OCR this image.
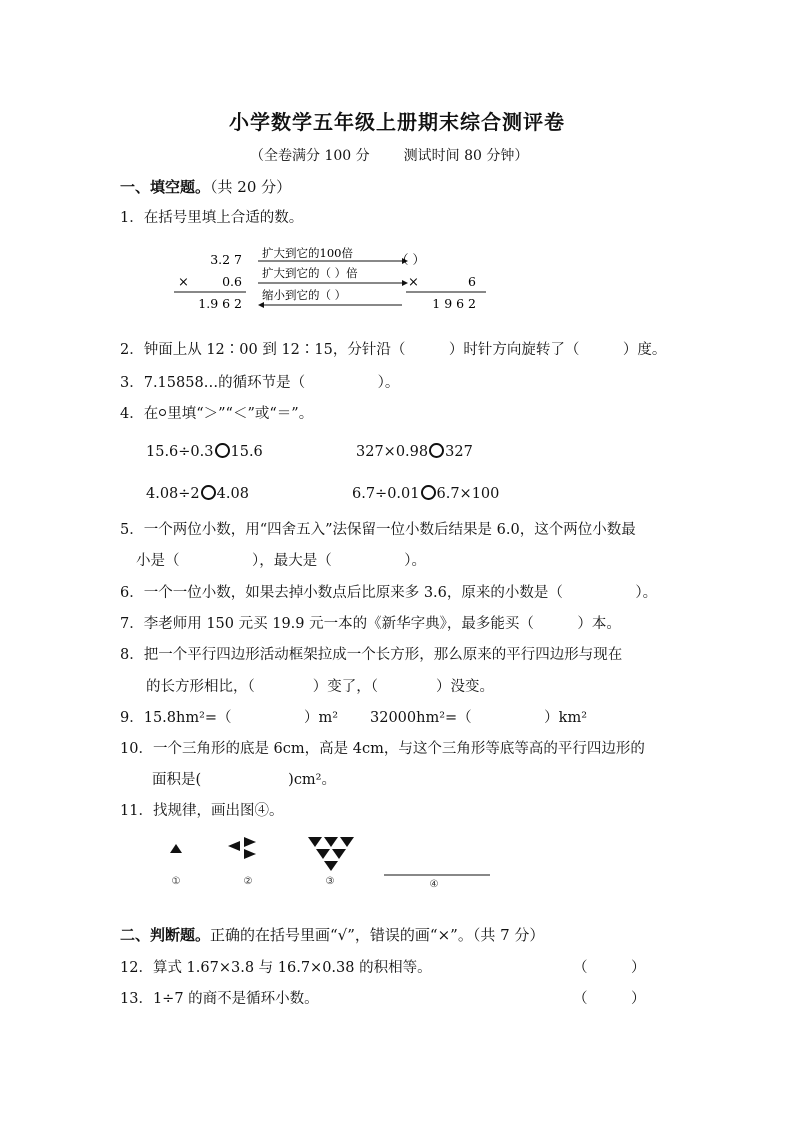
小学数学五年级上册期末综合测评卷
（全卷满分 100 分 测试时间 80 分钟）
一、填空题。（共 20 分）
1．在括号里填上合适的数。
3.2 7
×	0.6
1.9 6 2
扩大到它的100倍
扩大到它的（ ）倍
缩小到它的（ ）
（ ）
×	6
1 9 6 2
2．钟面上从 12∶00 到 12∶15，分针沿（　　　）时针方向旋转了（　　　）度。
3．7.15858…的循环节是（　　　　　）。
4．在 里填“＞”“＜”或“＝”。
15.6÷0.3 15.6	327×0.98 327
4.08÷2 4.08	6.7÷0.01 6.7×100
5．一个两位小数，用“四舍五入”法保留一位小数后结果是 6.0，这个两位小数最
小是（　　　　　），最大是（　　　　　）。
6．一个一位小数，如果去掉小数点后比原来多 3.6，原来的小数是（　　　　　）。
7．李老师用 150 元买 19.9 元一本的《新华字典》，最多能买（　　　）本。
8．把一个平行四边形活动框架拉成一个长方形，那么原来的平行四边形与现在
的长方形相比，（　　　　）变了，（　　　　）没变。
9．15.8hm²=（　　　　　）m² 32000hm²=（　　　　　）km²
10．一个三角形的底是 6cm，高是 4cm，与这个三角形等底等高的平行四边形的
面积是(　　　　　　)cm²。
11．找规律，画出图④。
①	②	③	④
二、判断题。正确的在括号里画“√”，错误的画“×”。（共 7 分）
12．算式 1.67×3.8 与 16.7×0.38 的积相等。	（　　　）
13．1÷7 的商不是循环小数。	（　　　）
